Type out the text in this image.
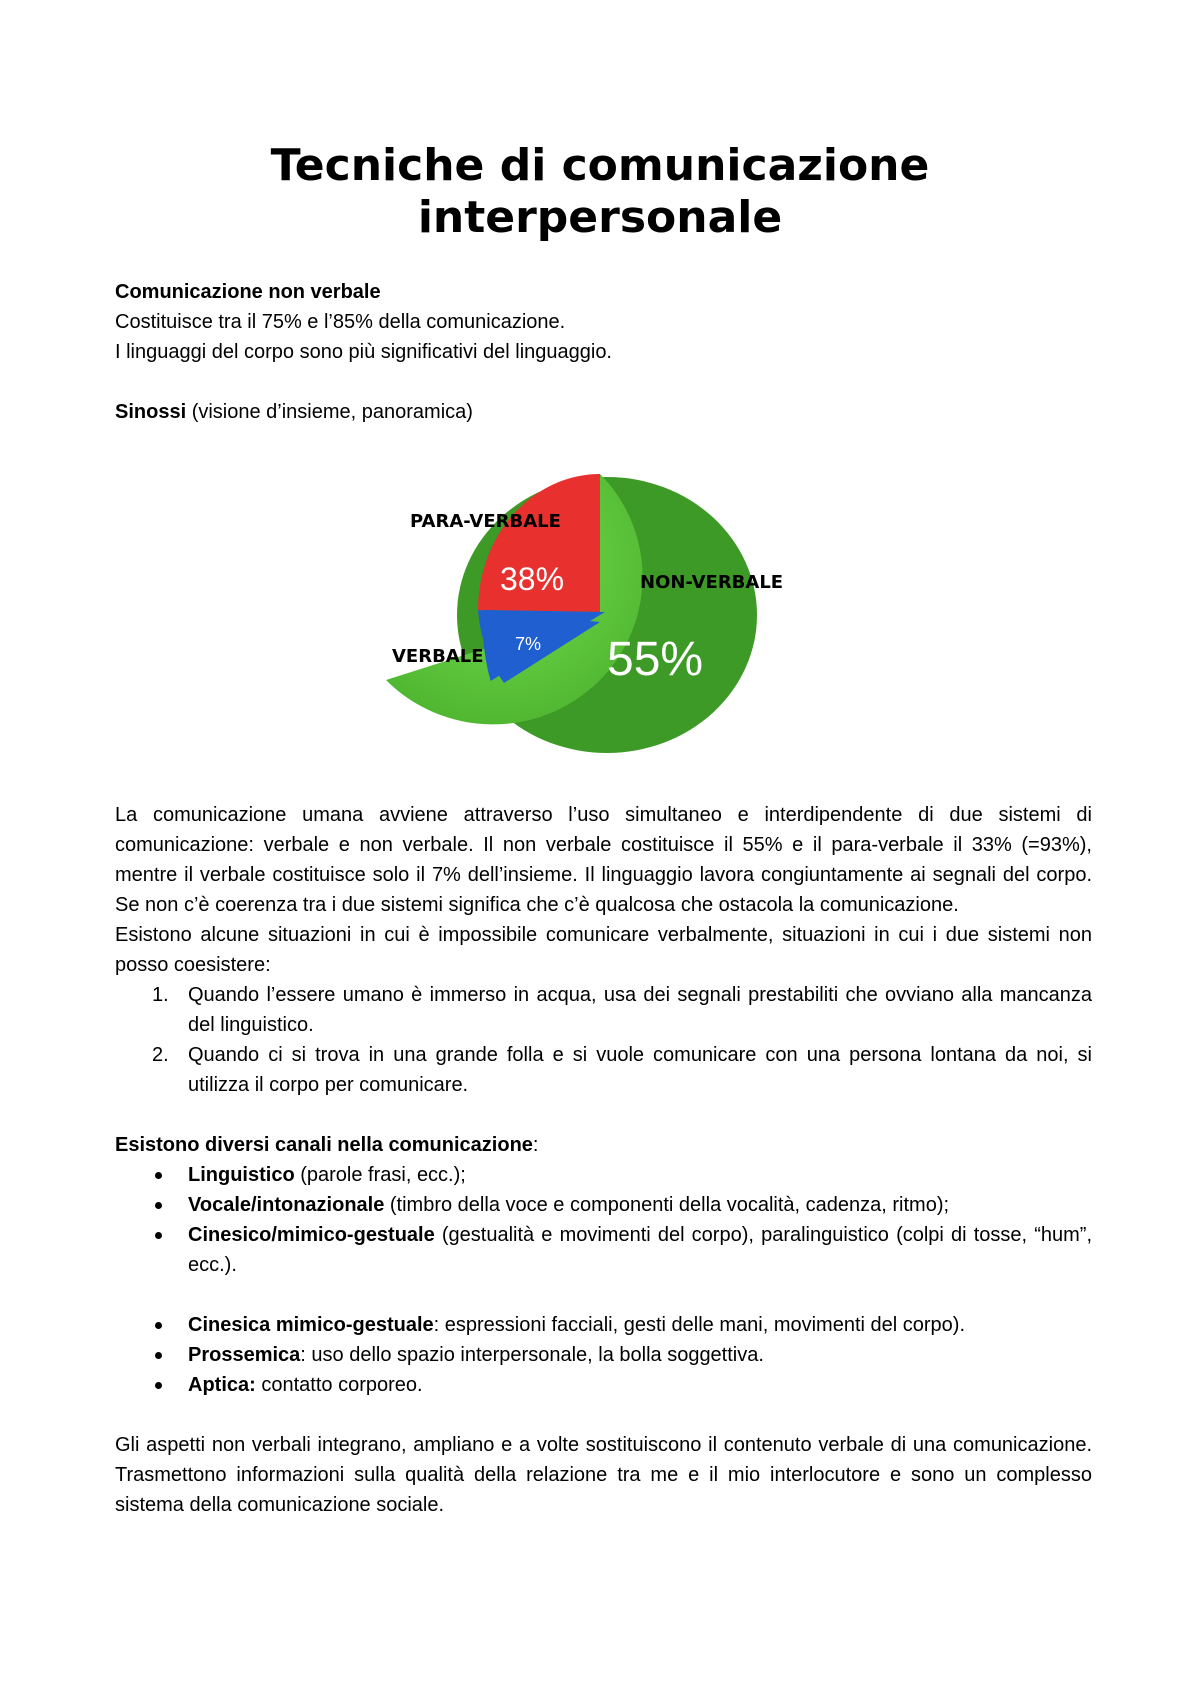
Tecniche di comunicazione
interpersonale

Comunicazione non verbale

Costituisce tra il 75% e l’85% della comunicazione.

I linguaggi del corpo sono più significativi del linguaggio.

Sinossi (visione d’insieme, panoramica)

PARA-VERBALE
NON-VERBALE
VERBALE
38%
7% 55%

La comunicazione umana avviene attraverso l’uso simultaneo e interdipendente di due sistemi di comunicazione: verbale e non verbale. Il non verbale costituisce il 55% e il para-verbale il 33% (=93%), mentre il verbale costituisce solo il 7% dell’insieme. Il linguaggio lavora congiuntamente ai segnali del corpo. Se non c’è coerenza tra i due sistemi significa che c’è qualcosa che ostacola la comunicazione.

Esistono alcune situazioni in cui è impossibile comunicare verbalmente, situazioni in cui i due sistemi non posso coesistere:

1. Quando l’essere umano è immerso in acqua, usa dei segnali prestabiliti che ovviano alla mancanza del linguistico.
2. Quando ci si trova in una grande folla e si vuole comunicare con una persona lontana da noi, si utilizza il corpo per comunicare.

Esistono diversi canali nella comunicazione:

Linguistico (parole frasi, ecc.);
Vocale/intonazionale (timbro della voce e componenti della vocalità, cadenza, ritmo);
Cinesico/mimico-gestuale (gestualità e movimenti del corpo), paralinguistico (colpi di tosse, “hum”, ecc.).
Cinesica mimico-gestuale: espressioni facciali, gesti delle mani, movimenti del corpo).
Prossemica: uso dello spazio interpersonale, la bolla soggettiva.
Aptica: contatto corporeo.

Gli aspetti non verbali integrano, ampliano e a volte sostituiscono il contenuto verbale di una comunicazione. Trasmettono informazioni sulla qualità della relazione tra me e il mio interlocutore e sono un complesso sistema della comunicazione sociale.
